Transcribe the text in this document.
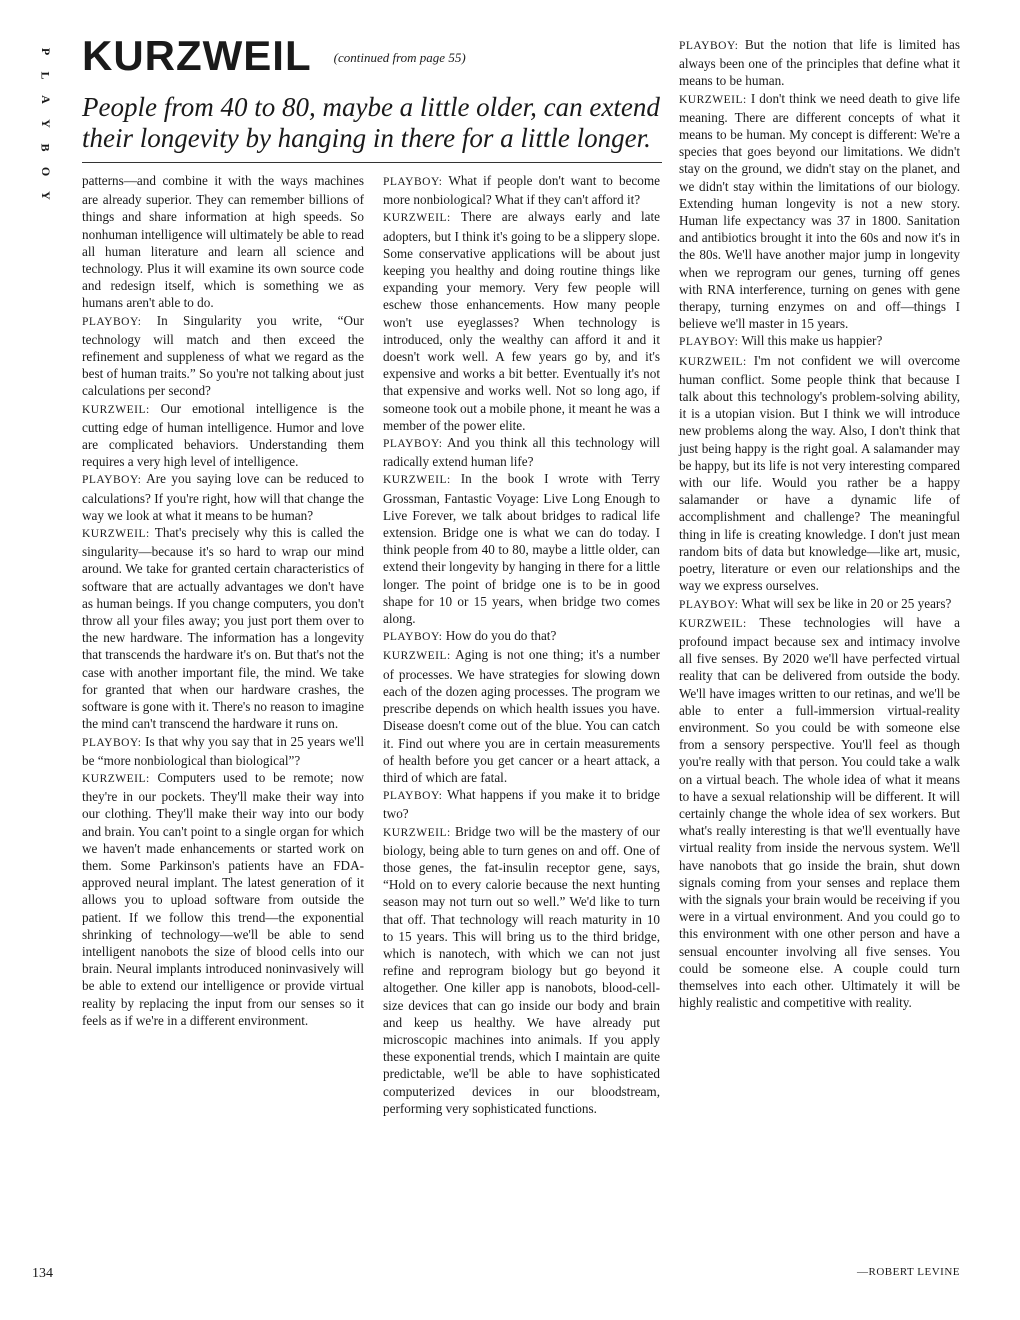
P
L
A
Y
B
O
Y
KURZWEIL (continued from page 55)
People from 40 to 80, maybe a little older, can extend their longevity by hanging in there for a little longer.

patterns—and combine it with the ways machines are already superior. They can remember billions of things and share information at high speeds. So nonhuman intelligence will ultimately be able to read all human literature and learn all science and technology. Plus it will examine its own source code and redesign itself, which is something we as humans aren't able to do.

PLAYBOY: In Singularity you write, “Our technology will match and then exceed the refinement and suppleness of what we regard as the best of human traits.” So you're not talking about just calculations per second?

KURZWEIL: Our emotional intelligence is the cutting edge of human intelligence. Humor and love are complicated behaviors. Understanding them requires a very high level of intelligence.

PLAYBOY: Are you saying love can be reduced to calculations? If you're right, how will that change the way we look at what it means to be human?

KURZWEIL: That's precisely why this is called the singularity—because it's so hard to wrap our mind around. We take for granted certain characteristics of software that are actually advantages we don't have as human beings. If you change computers, you don't throw all your files away; you just port them over to the new hardware. The information has a longevity that transcends the hardware it's on. But that's not the case with another important file, the mind. We take for granted that when our hardware crashes, the software is gone with it. There's no reason to imagine the mind can't transcend the hardware it runs on.

PLAYBOY: Is that why you say that in 25 years we'll be “more nonbiological than biological”?

KURZWEIL: Computers used to be remote; now they're in our pockets. They'll make their way into our clothing. They'll make their way into our body and brain. You can't point to a single organ for which we haven't made enhancements or started work on them. Some Parkinson's patients have an FDA-approved neural implant. The latest generation of it allows you to upload software from outside the patient. If we follow this trend—the exponential shrinking of technology—we'll be able to send intelligent nanobots the size of blood cells into our brain. Neural implants introduced noninvasively will be able to extend our intelligence or provide virtual reality by replacing the input from our senses so it feels as if we're in a different environment.

PLAYBOY: What if people don't want to become more nonbiological? What if they can't afford it?

KURZWEIL: There are always early and late adopters, but I think it's going to be a slippery slope. Some conservative applications will be about just keeping you healthy and doing routine things like expanding your memory. Very few people will eschew those enhancements. How many people won't use eyeglasses? When technology is introduced, only the wealthy can afford it and it doesn't work well. A few years go by, and it's expensive and works a bit better. Eventually it's not that expensive and works well. Not so long ago, if someone took out a mobile phone, it meant he was a member of the power elite.

PLAYBOY: And you think all this technology will radically extend human life?

KURZWEIL: In the book I wrote with Terry Grossman, Fantastic Voyage: Live Long Enough to Live Forever, we talk about bridges to radical life extension. Bridge one is what we can do today. I think people from 40 to 80, maybe a little older, can extend their longevity by hanging in there for a little longer. The point of bridge one is to be in good shape for 10 or 15 years, when bridge two comes along.

PLAYBOY: How do you do that?

KURZWEIL: Aging is not one thing; it's a number of processes. We have strategies for slowing down each of the dozen aging processes. The program we prescribe depends on which health issues you have. Disease doesn't come out of the blue. You can catch it. Find out where you are in certain measurements of health before you get cancer or a heart attack, a third of which are fatal.

PLAYBOY: What happens if you make it to bridge two?

KURZWEIL: Bridge two will be the mastery of our biology, being able to turn genes on and off. One of those genes, the fat-insulin receptor gene, says, “Hold on to every calorie because the next hunting season may not turn out so well.” We'd like to turn that off. That technology will reach maturity in 10 to 15 years. This will bring us to the third bridge, which is nanotech, with which we can not just refine and reprogram biology but go beyond it altogether. One killer app is nanobots, blood-cell-size devices that can go inside our body and brain and keep us healthy. We have already put microscopic machines into animals. If you apply these exponential trends, which I maintain are quite predictable, we'll be able to have sophisticated computerized devices in our bloodstream, performing very sophisticated functions.

PLAYBOY: But the notion that life is limited has always been one of the principles that define what it means to be human.

KURZWEIL: I don't think we need death to give life meaning. There are different concepts of what it means to be human. My concept is different: We're a species that goes beyond our limitations. We didn't stay on the ground, we didn't stay on the planet, and we didn't stay within the limitations of our biology. Extending human longevity is not a new story. Human life expectancy was 37 in 1800. Sanitation and antibiotics brought it into the 60s and now it's in the 80s. We'll have another major jump in longevity when we reprogram our genes, turning off genes with RNA interference, turning on genes with gene therapy, turning enzymes on and off—things I believe we'll master in 15 years.

PLAYBOY: Will this make us happier?

KURZWEIL: I'm not confident we will overcome human conflict. Some people think that because I talk about this technology's problem-solving ability, it is a utopian vision. But I think we will introduce new problems along the way. Also, I don't think that just being happy is the right goal. A salamander may be happy, but its life is not very interesting compared with our life. Would you rather be a happy salamander or have a dynamic life of accomplishment and challenge? The meaningful thing in life is creating knowledge. I don't just mean random bits of data but knowledge—like art, music, poetry, literature or even our relationships and the way we express ourselves.

PLAYBOY: What will sex be like in 20 or 25 years?

KURZWEIL: These technologies will have a profound impact because sex and intimacy involve all five senses. By 2020 we'll have perfected virtual reality that can be delivered from outside the body. We'll have images written to our retinas, and we'll be able to enter a full-immersion virtual-reality environment. So you could be with someone else from a sensory perspective. You'll feel as though you're really with that person. You could take a walk on a virtual beach. The whole idea of what it means to have a sexual relationship will be different. It will certainly change the whole idea of sex workers. But what's really interesting is that we'll eventually have virtual reality from inside the nervous system. We'll have nanobots that go inside the brain, shut down signals coming from your senses and replace them with the signals your brain would be receiving if you were in a virtual environment. And you could go to this environment with one other person and have a sensual encounter involving all five senses. You could be someone else. A couple could turn themselves into each other. Ultimately it will be highly realistic and competitive with reality.

134	—ROBERT LEVINE
